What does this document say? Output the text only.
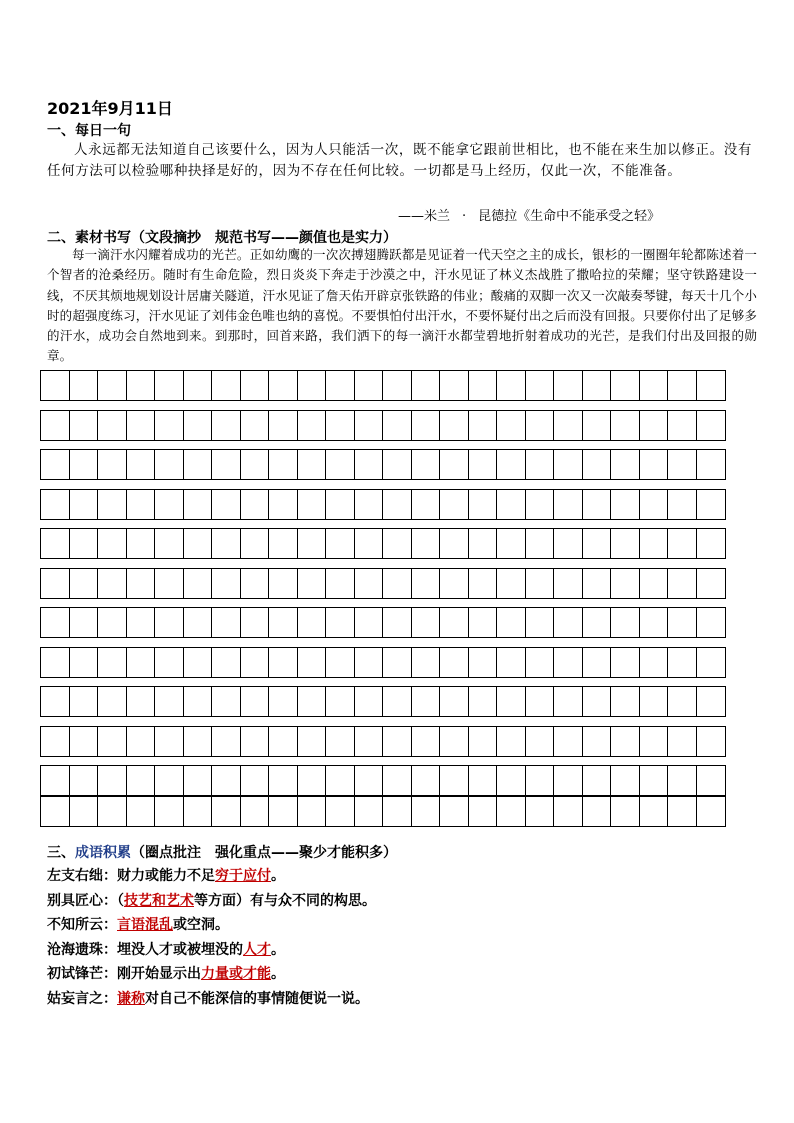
2021年9月11日
一、每日一句

人永远都无法知道自己该要什么，因为人只能活一次，既不能拿它跟前世相比，也不能在来生加以修正。没有任何方法可以检验哪种抉择是好的，因为不存在任何比较。一切都是马上经历，仅此一次，不能准备。

——米兰 · 昆德拉《生命中不能承受之轻》
二、素材书写（文段摘抄　规范书写——颜值也是实力）

每一滴汗水闪耀着成功的光芒。正如幼鹰的一次次搏翅腾跃都是见证着一代天空之主的成长，银杉的一圈圈年轮都陈述着一个智者的沧桑经历。随时有生命危险，烈日炎炎下奔走于沙漠之中，汗水见证了林义杰战胜了撒哈拉的荣耀；坚守铁路建设一线，不厌其烦地规划设计居庸关隧道，汗水见证了詹天佑开辟京张铁路的伟业；酸痛的双脚一次又一次敲奏琴键，每天十几个小时的超强度练习，汗水见证了刘伟金色唯也纳的喜悦。不要惧怕付出汗水，不要怀疑付出之后而没有回报。只要你付出了足够多的汗水，成功会自然地到来。到那时，回首来路，我们洒下的每一滴汗水都莹碧地折射着成功的光芒，是我们付出及回报的勋章。

三、成语积累（圈点批注　强化重点——聚少才能积多）
左支右绌：财力或能力不足穷于应付。
别具匠心：（技艺和艺术等方面）有与众不同的构思。
不知所云：言语混乱或空洞。
沧海遗珠：埋没人才或被埋没的人才。
初试锋芒：刚开始显示出力量或才能。
姑妄言之：谦称对自己不能深信的事情随便说一说。
